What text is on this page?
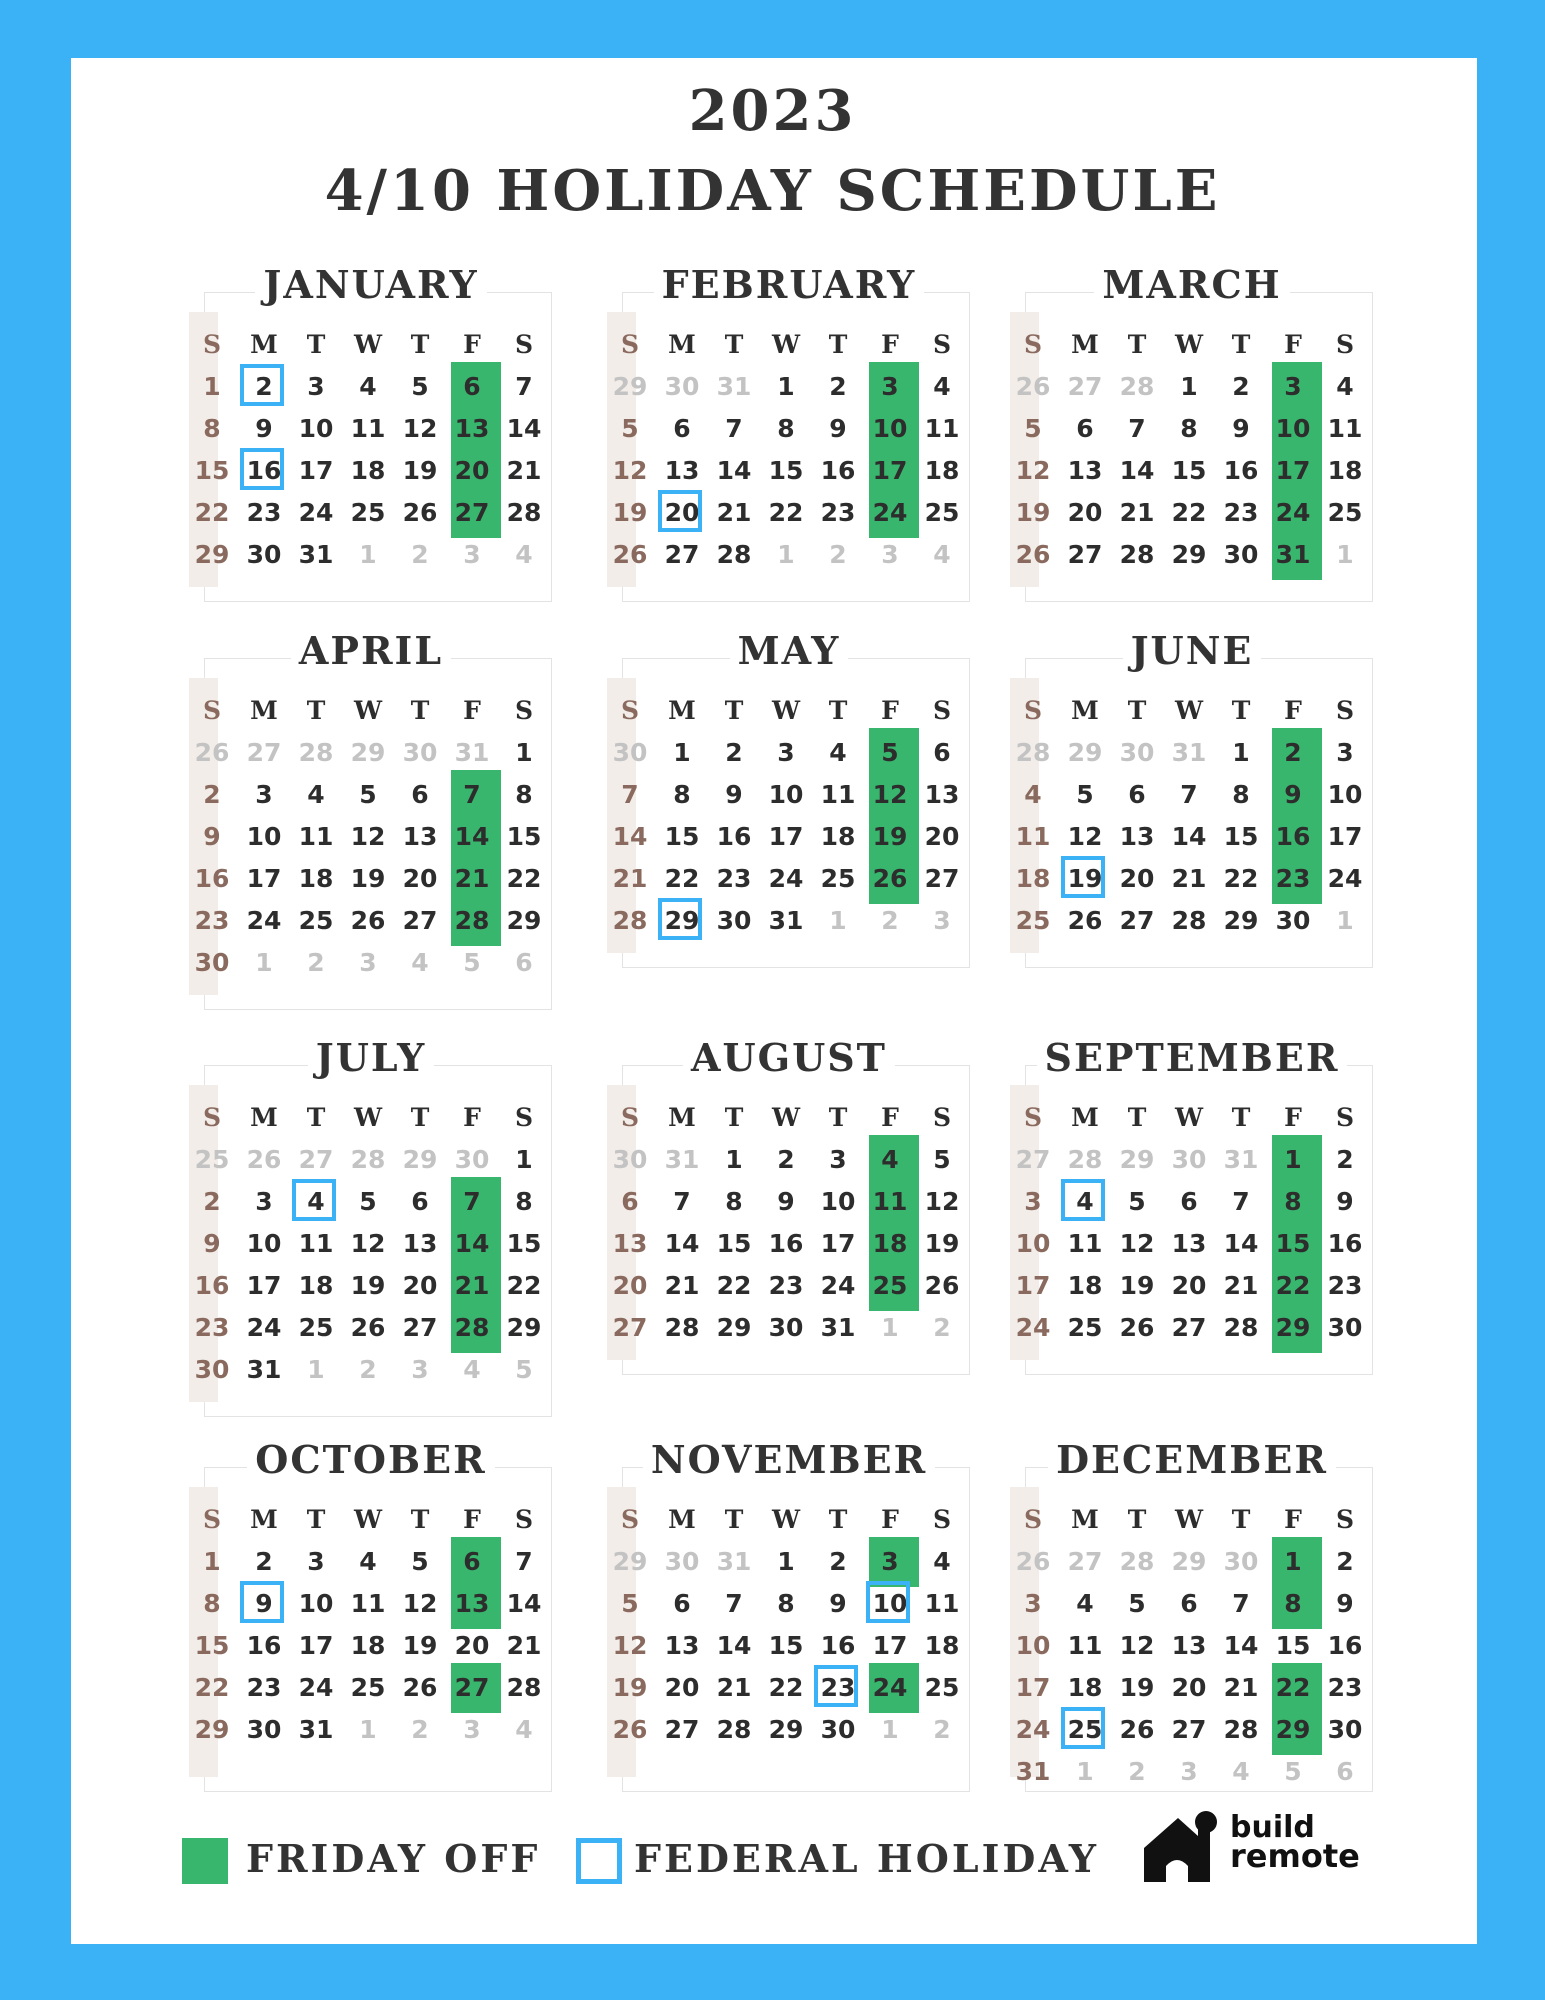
2023
4/10 HOLIDAY SCHEDULE
JANUARY
S	M	T	W	T	F	S
1	2	3	4	5	6	7
8	9	10 11 12 13 14
15 16 17 18 19 20 21
22 23 24 25 26 27 28
29 30 31	1	2	3	4
FEBRUARY
S	M	T	W	T	F	S
29 30 31	1	2	3	4
5	6	7	8	9	10 11
12 13 14 15 16 17 18
19 20 21 22 23 24 25
26 27 28	1	2	3	4
MARCH
S	M	T	W	T	F	S
26 27 28	1	2	3	4
5	6	7	8	9	10 11
12 13 14 15 16 17 18
19 20 21 22 23 24 25
26 27 28 29 30 31	1
APRIL
S	M	T	W	T	F	S
26 27 28 29 30 31	1
2	3	4	5	6	7	8
9	10 11 12 13 14 15
16 17 18 19 20 21 22
23 24 25 26 27 28 29
30	1	2	3	4	5	6
MAY
S	M	T	W	T	F	S
30	1	2	3	4	5	6
7	8	9	10 11 12 13
14 15 16 17 18 19 20
21 22 23 24 25 26 27
28 29 30 31	1	2	3
JUNE
S	M	T	W	T	F	S
28 29 30 31	1	2	3
4	5	6	7	8	9	10
11 12 13 14 15 16 17
18 19 20 21 22 23 24
25 26 27 28 29 30	1
JULY
S	M	T	W	T	F	S
25 26 27 28 29 30	1
2	3	4	5	6	7	8
9	10 11 12 13 14 15
16 17 18 19 20 21 22
23 24 25 26 27 28 29
30 31	1	2	3	4	5
AUGUST
S	M	T	W	T	F	S
30 31	1	2	3	4	5
6	7	8	9	10 11 12
13 14 15 16 17 18 19
20 21 22 23 24 25 26
27 28 29 30 31	1	2
SEPTEMBER
S	M	T	W	T	F	S
27 28 29 30 31	1	2
3	4	5	6	7	8	9
10 11 12 13 14 15 16
17 18 19 20 21 22 23
24 25 26 27 28 29 30
OCTOBER
S	M	T	W	T	F	S
1	2	3	4	5	6	7
8	9	10 11 12 13 14
15 16 17 18 19 20 21
22 23 24 25 26 27 28
29 30 31	1	2	3	4
NOVEMBER
S	M	T	W	T	F	S
29 30 31	1	2	3	4
5	6	7	8	9	10 11
12 13 14 15 16 17 18
19 20 21 22 23 24 25
26 27 28 29 30	1	2
DECEMBER
S	M	T	W	T	F	S
26 27 28 29 30	1	2
3	4	5	6	7	8	9
10 11 12 13 14 15 16
17 18 19 20 21 22 23
24 25 26 27 28 29 30
31	1	2	3	4	5	6
FRIDAY OFF FEDERAL HOLIDAY
build
remote
